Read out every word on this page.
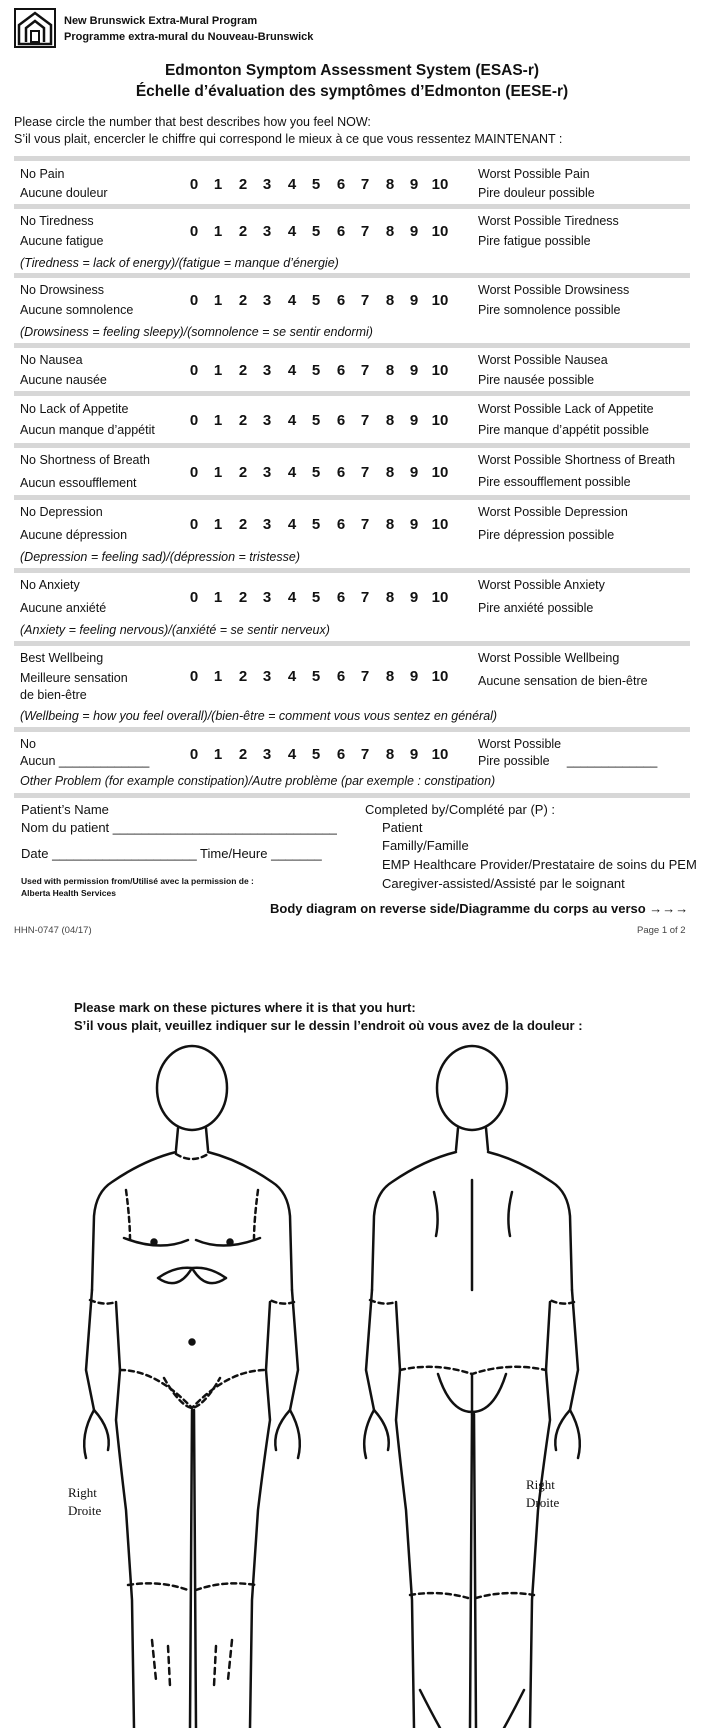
New Brunswick Extra-Mural Program
Programme extra-mural du Nouveau-Brunswick
Edmonton Symptom Assessment System (ESAS-r)
Échelle d’évaluation des symptômes d’Edmonton (EESE-r)
Please circle the number that best describes how you feel NOW:
S’il vous plait, encercler le chiffre qui correspond le mieux à ce que vous ressentez MAINTENANT :
No Pain
Aucune douleur	0	1	2	3	4	5	6	7	8	9 10
Worst Possible Pain
Pire douleur possible
No Tiredness
Aucune fatigue
0	1	2	3	4	5	6	7	8	9 10
Worst Possible Tiredness
Pire fatigue possible
(Tiredness = lack of energy)/(fatigue = manque d’énergie)
No Drowsiness
Aucune somnolence
0	1	2	3	4	5	6	7	8	9 10
Worst Possible Drowsiness
Pire somnolence possible
(Drowsiness = feeling sleepy)/(somnolence = se sentir endormi)
No Nausea
Aucune nausée
0	1	2	3	4	5	6	7	8	9 10
Worst Possible Nausea
Pire nausée possible
No Lack of Appetite
Aucun manque d’appétit
0	1	2	3	4	5	6	7	8	9 10
Worst Possible Lack of Appetite
Pire manque d’appétit possible
No Shortness of Breath
Aucun essoufflement
0	1	2	3	4	5	6	7	8	9 10
Worst Possible Shortness of Breath
Pire essoufflement possible
No Depression
Aucune dépression
0	1	2	3	4	5	6	7	8	9 10
Worst Possible Depression
Pire dépression possible
(Depression = feeling sad)/(dépression = tristesse)
No Anxiety
Aucune anxiété
0	1	2	3	4	5	6	7	8	9 10
Worst Possible Anxiety
Pire anxiété possible
(Anxiety = feeling nervous)/(anxiété = se sentir nerveux)
Best Wellbeing
Meilleure sensation
de bien-être
0	1	2	3	4	5	6	7	8	9 10
Worst Possible Wellbeing
Aucune sensation de bien-être
(Wellbeing = how you feel overall)/(bien-être = comment vous vous sentez en général)
No
Aucun _____________	0	1	2	3	4	5	6	7	8	9 10
Worst Possible
Pire possible     _____________
Other Problem (for example constipation)/Autre problème (par exemple : constipation)
Patient’s Name
Nom du patient _______________________________
Date ____________________ Time/Heure _______
Used with permission from/Utilisé avec la permission de :
Alberta Health Services
Completed by/Complété par (P) :
Patient
Familly/Famille
EMP Healthcare Provider/Prestataire de soins du PEM
Caregiver-assisted/Assisté par le soignant
Body diagram on reverse side/Diagramme du corps au verso →→→
HHN-0747 (04/17)	Page 1 of 2
Please mark on these pictures where it is that you hurt:
S’il vous plait, veuillez indiquer sur le dessin l’endroit où vous avez de la douleur :
Right
Droite
Right
Droite
